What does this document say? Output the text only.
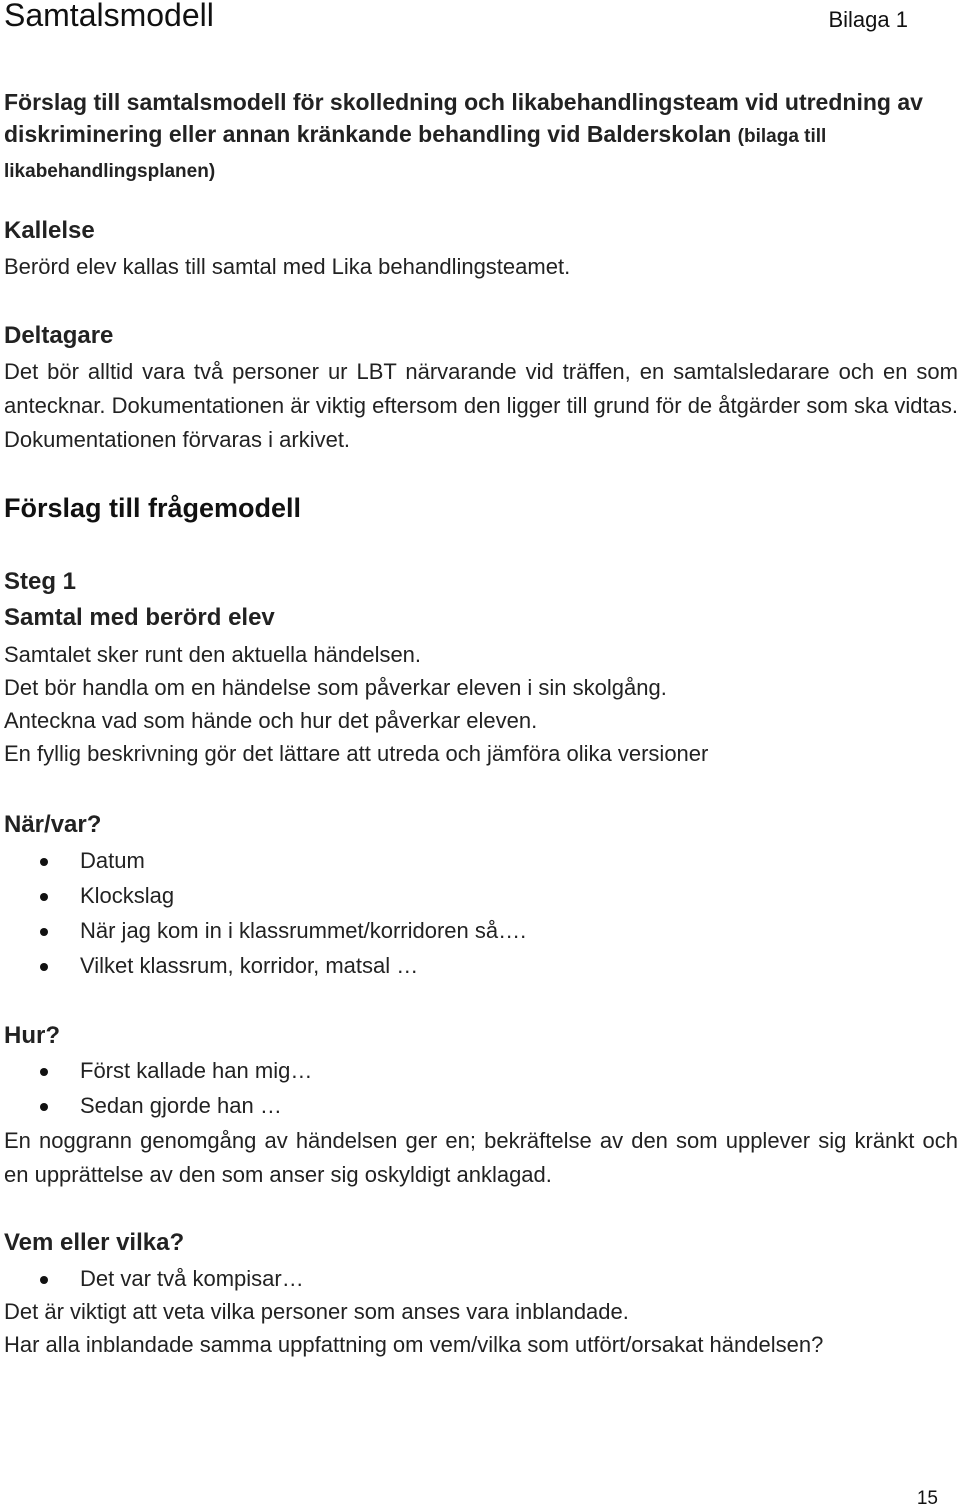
Samtalsmodell	Bilaga 1
Förslag till samtalsmodell för skolledning och likabehandlingsteam vid utredning av diskriminering eller annan kränkande behandling vid Balderskolan (bilaga till likabehandlingsplanen)
Kallelse
Berörd elev kallas till samtal med Lika behandlingsteamet.
Deltagare
Det bör alltid vara två personer ur LBT närvarande vid träffen, en samtalsledarare och en som antecknar. Dokumentationen är viktig eftersom den ligger till grund för de åtgärder som ska vidtas. Dokumentationen förvaras i arkivet.
Förslag till frågemodell
Steg 1
Samtal med berörd elev
Samtalet sker runt den aktuella händelsen.
Det bör handla om en händelse som påverkar eleven i sin skolgång.
Anteckna vad som hände och hur det påverkar eleven.
En fyllig beskrivning gör det lättare att utreda och jämföra olika versioner
När/var?
Datum
Klockslag
När jag kom in i klassrummet/korridoren så….
Vilket klassrum, korridor, matsal …
Hur?
Först kallade han mig…
Sedan gjorde han …
En noggrann genomgång av händelsen ger en; bekräftelse av den som upplever sig kränkt och en upprättelse av den som anser sig oskyldigt anklagad.
Vem eller vilka?
Det var två kompisar…
Det är viktigt att veta vilka personer som anses vara inblandade.
Har alla inblandade samma uppfattning om vem/vilka som utfört/orsakat händelsen?
15
